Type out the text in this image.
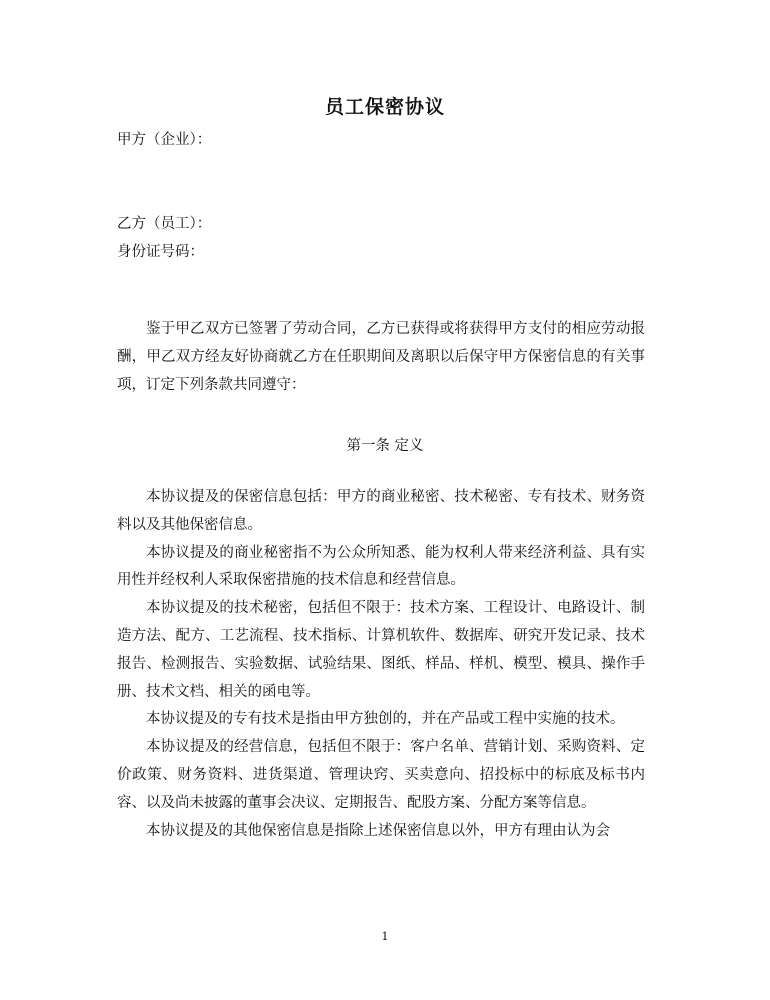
员工保密协议
甲方（企业）：
乙方（员工）：
身份证号码：

鉴于甲乙双方已签署了劳动合同，乙方已获得或将获得甲方支付的相应劳动报酬，甲乙双方经友好协商就乙方在任职期间及离职以后保守甲方保密信息的有关事项，订定下列条款共同遵守：

第一条 定义

本协议提及的保密信息包括：甲方的商业秘密、技术秘密、专有技术、财务资料以及其他保密信息。

本协议提及的商业秘密指不为公众所知悉、能为权利人带来经济利益、具有实用性并经权利人采取保密措施的技术信息和经营信息。

本协议提及的技术秘密，包括但不限于：技术方案、工程设计、电路设计、制造方法、配方、工艺流程、技术指标、计算机软件、数据库、研究开发记录、技术报告、检测报告、实验数据、试验结果、图纸、样品、样机、模型、模具、操作手册、技术文档、相关的函电等。

本协议提及的专有技术是指由甲方独创的，并在产品或工程中实施的技术。

本协议提及的经营信息，包括但不限于：客户名单、营销计划、采购资料、定价政策、财务资料、进货渠道、管理诀窍、买卖意向、招投标中的标底及标书内容、以及尚未披露的董事会决议、定期报告、配股方案、分配方案等信息。

本协议提及的其他保密信息是指除上述保密信息以外，甲方有理由认为会

1
